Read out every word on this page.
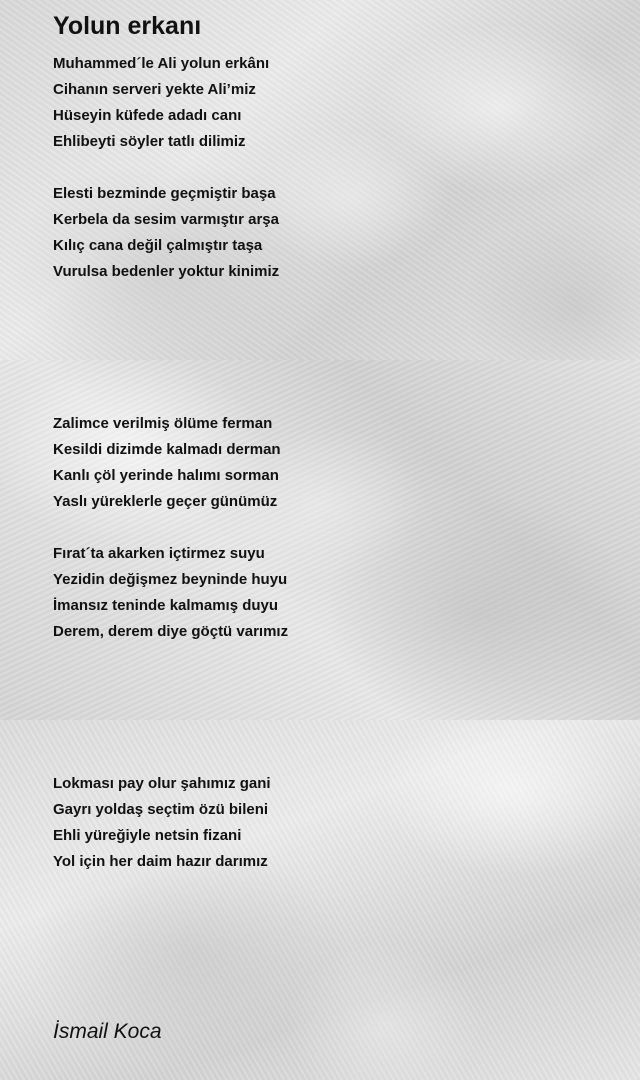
Yolun erkanı
Muhammed´le Ali yolun erkânı
Cihanın serveri yekte Ali’miz
Hüseyin küfede adadı canı
Ehlibeyti söyler tatlı dilimiz
Elesti bezminde geçmiştir başa
Kerbela da sesim varmıştır arşa
Kılıç cana değil çalmıştır taşa
Vurulsa bedenler yoktur kinimiz
Zalimce verilmiş ölüme ferman
Kesildi dizimde kalmadı derman
Kanlı çöl yerinde halımı sorman
Yaslı yüreklerle geçer günümüz
Fırat´ta akarken içtirmez suyu
Yezidin değişmez beyninde huyu
İmansız teninde kalmamış duyu
Derem, derem diye göçtü varımız
Lokması pay olur şahımız gani
Gayrı yoldaş seçtim özü bileni
Ehli yüreğiyle netsin fizani
Yol için her daim hazır darımız

İsmail Koca
